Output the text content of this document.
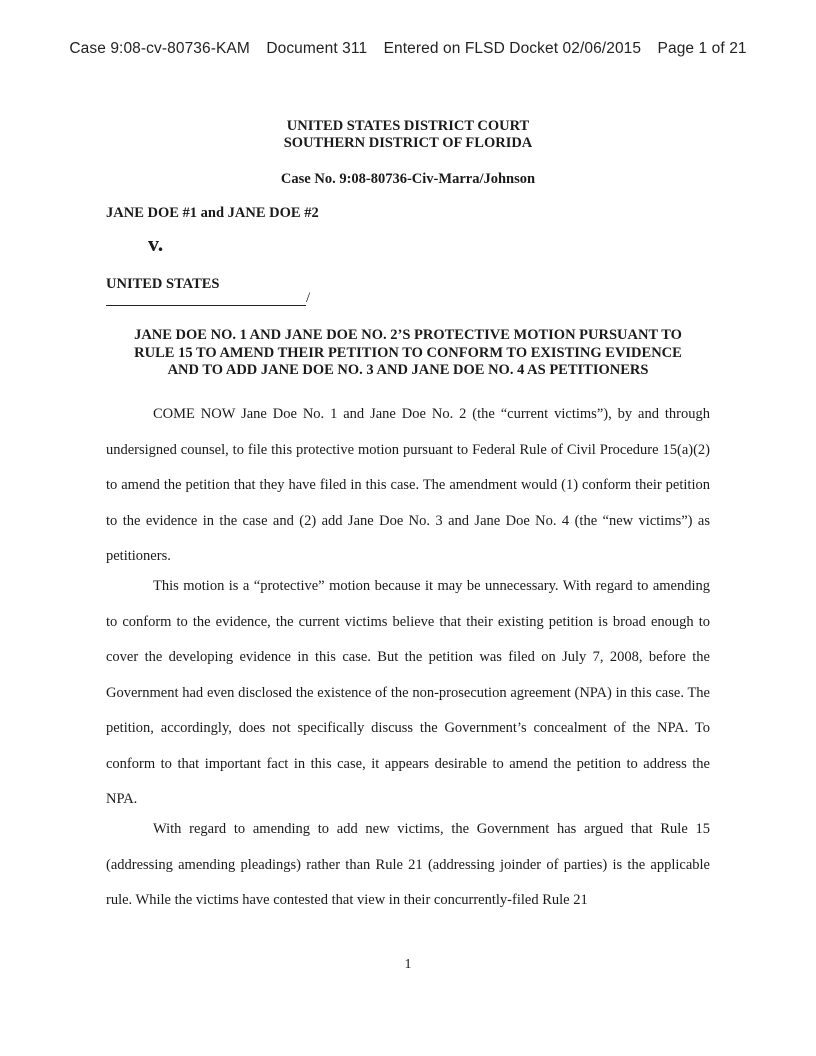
Case 9:08-cv-80736-KAM Document 311 Entered on FLSD Docket 02/06/2015 Page 1 of 21
UNITED STATES DISTRICT COURT
SOUTHERN DISTRICT OF FLORIDA
Case No. 9:08-80736-Civ-Marra/Johnson
JANE DOE #1 and JANE DOE #2
v.
UNITED STATES
/
JANE DOE NO. 1 AND JANE DOE NO. 2’S PROTECTIVE MOTION PURSUANT TO
RULE 15 TO AMEND THEIR PETITION TO CONFORM TO EXISTING EVIDENCE
AND TO ADD JANE DOE NO. 3 AND JANE DOE NO. 4 AS PETITIONERS

COME NOW Jane Doe No. 1 and Jane Doe No. 2 (the “current victims”), by and through undersigned counsel, to file this protective motion pursuant to Federal Rule of Civil Procedure 15(a)(2) to amend the petition that they have filed in this case. The amendment would (1) conform their petition to the evidence in the case and (2) add Jane Doe No. 3 and Jane Doe No. 4 (the “new victims”) as petitioners.

This motion is a “protective” motion because it may be unnecessary. With regard to amending to conform to the evidence, the current victims believe that their existing petition is broad enough to cover the developing evidence in this case. But the petition was filed on July 7, 2008, before the Government had even disclosed the existence of the non-prosecution agreement (NPA) in this case. The petition, accordingly, does not specifically discuss the Government’s concealment of the NPA. To conform to that important fact in this case, it appears desirable to amend the petition to address the NPA.

With regard to amending to add new victims, the Government has argued that Rule 15 (addressing amending pleadings) rather than Rule 21 (addressing joinder of parties) is the applicable rule. While the victims have contested that view in their concurrently-filed Rule 21

1
